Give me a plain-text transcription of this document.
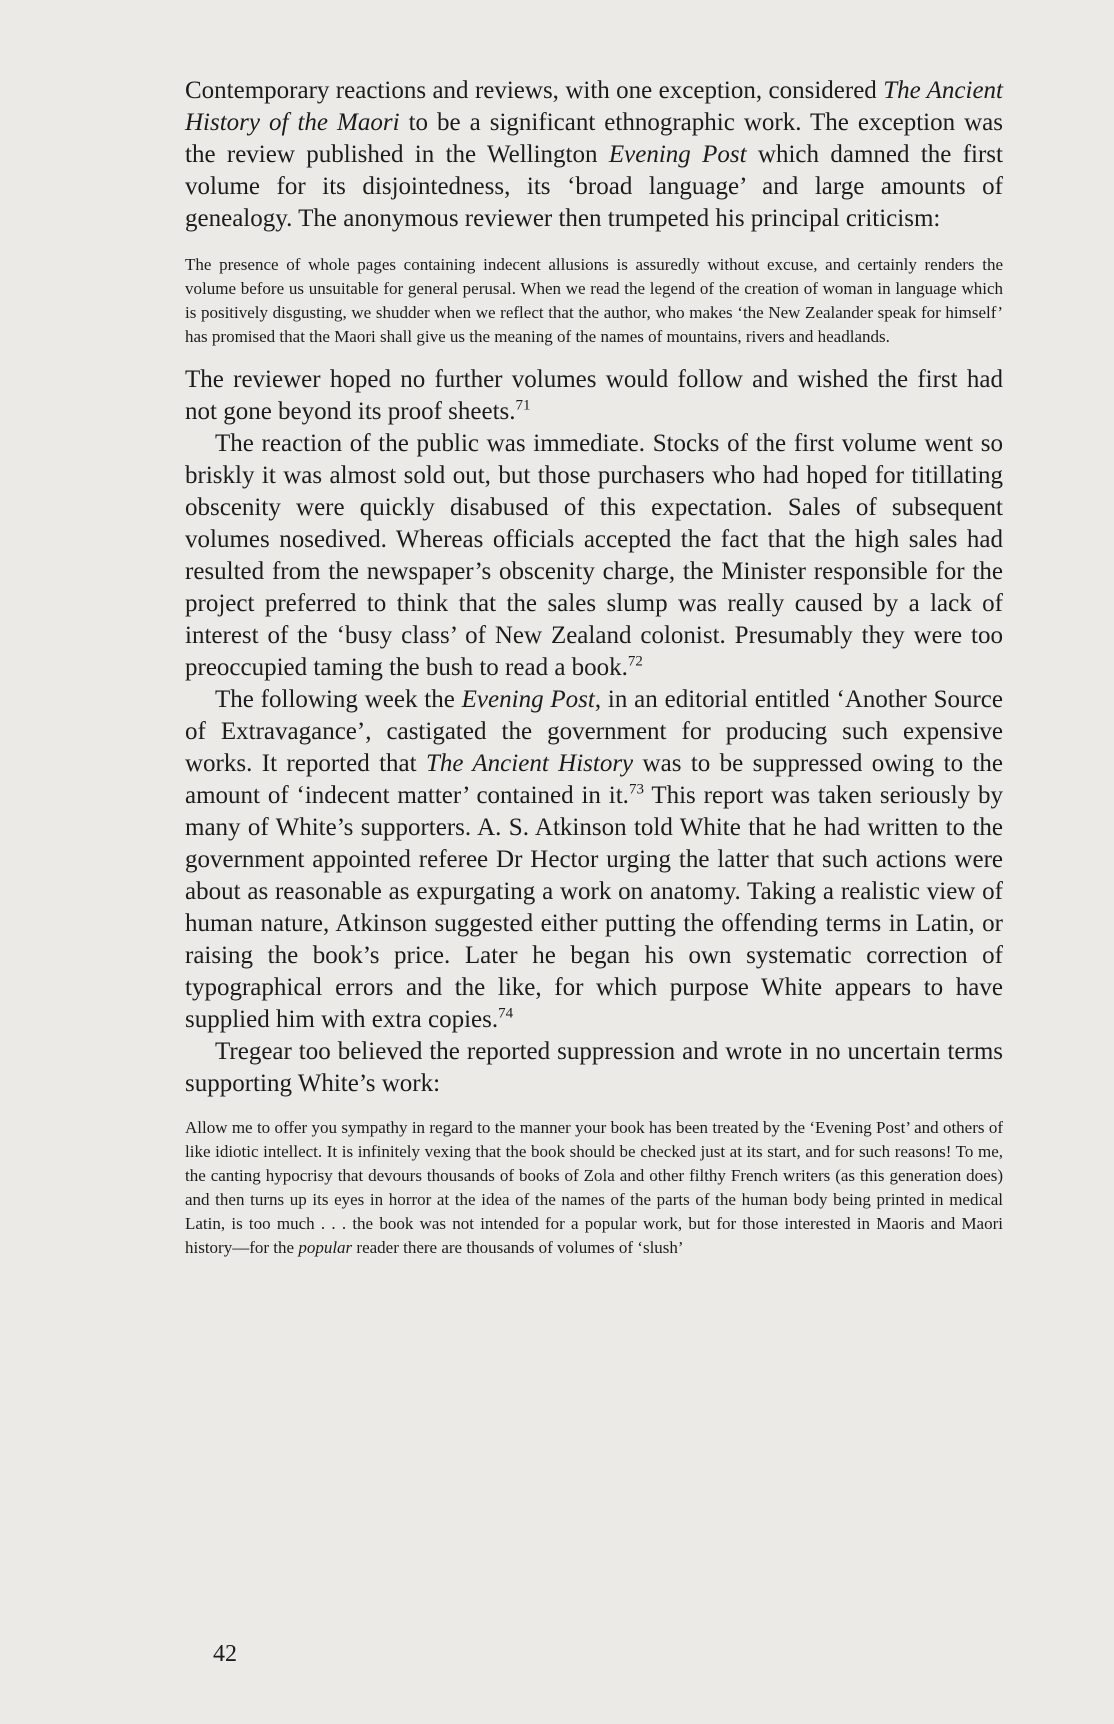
Contemporary reactions and reviews, with one exception, considered The Ancient History of the Maori to be a significant ethnographic work. The exception was the review published in the Wellington Evening Post which damned the first volume for its disjointedness, its ‘broad language’ and large amounts of genealogy. The anonymous reviewer then trumpeted his principal criticism:

The presence of whole pages containing indecent allusions is assuredly without excuse, and certainly renders the volume before us unsuitable for general perusal. When we read the legend of the creation of woman in language which is positively disgusting, we shudder when we reflect that the author, who makes ‘the New Zealander speak for himself’ has promised that the Maori shall give us the meaning of the names of mountains, rivers and headlands.

The reviewer hoped no further volumes would follow and wished the first had not gone beyond its proof sheets.$^{71}$

The reaction of the public was immediate. Stocks of the first volume went so briskly it was almost sold out, but those purchasers who had hoped for titillating obscenity were quickly disabused of this expectation. Sales of subsequent volumes nosedived. Whereas officials accepted the fact that the high sales had resulted from the newspaper’s obscenity charge, the Minister responsible for the project preferred to think that the sales slump was really caused by a lack of interest of the ‘busy class’ of New Zealand colonist. Presumably they were too preoccupied taming the bush to read a book.$^{72}$

The following week the Evening Post, in an editorial entitled ‘Another Source of Extravagance’, castigated the government for producing such expensive works. It reported that The Ancient History was to be suppressed owing to the amount of ‘indecent matter’ contained in it.$^{73}$ This report was taken seriously by many of White’s supporters. A. S. Atkinson told White that he had written to the government appointed referee Dr Hector urging the latter that such actions were about as reasonable as expurgating a work on anatomy. Taking a realistic view of human nature, Atkinson suggested either putting the offending terms in Latin, or raising the book’s price. Later he began his own systematic correction of typographical errors and the like, for which purpose White appears to have supplied him with extra copies.$^{74}$

Tregear too believed the reported suppression and wrote in no uncertain terms supporting White’s work:

Allow me to offer you sympathy in regard to the manner your book has been treated by the ‘Evening Post’ and others of like idiotic intellect. It is infinitely vexing that the book should be checked just at its start, and for such reasons! To me, the canting hypocrisy that devours thousands of books of Zola and other filthy French writers (as this generation does) and then turns up its eyes in horror at the idea of the names of the parts of the human body being printed in medical Latin, is too much . . . the book was not intended for a popular work, but for those interested in Maoris and Maori history—for the popular reader there are thousands of volumes of ‘slush’

42
